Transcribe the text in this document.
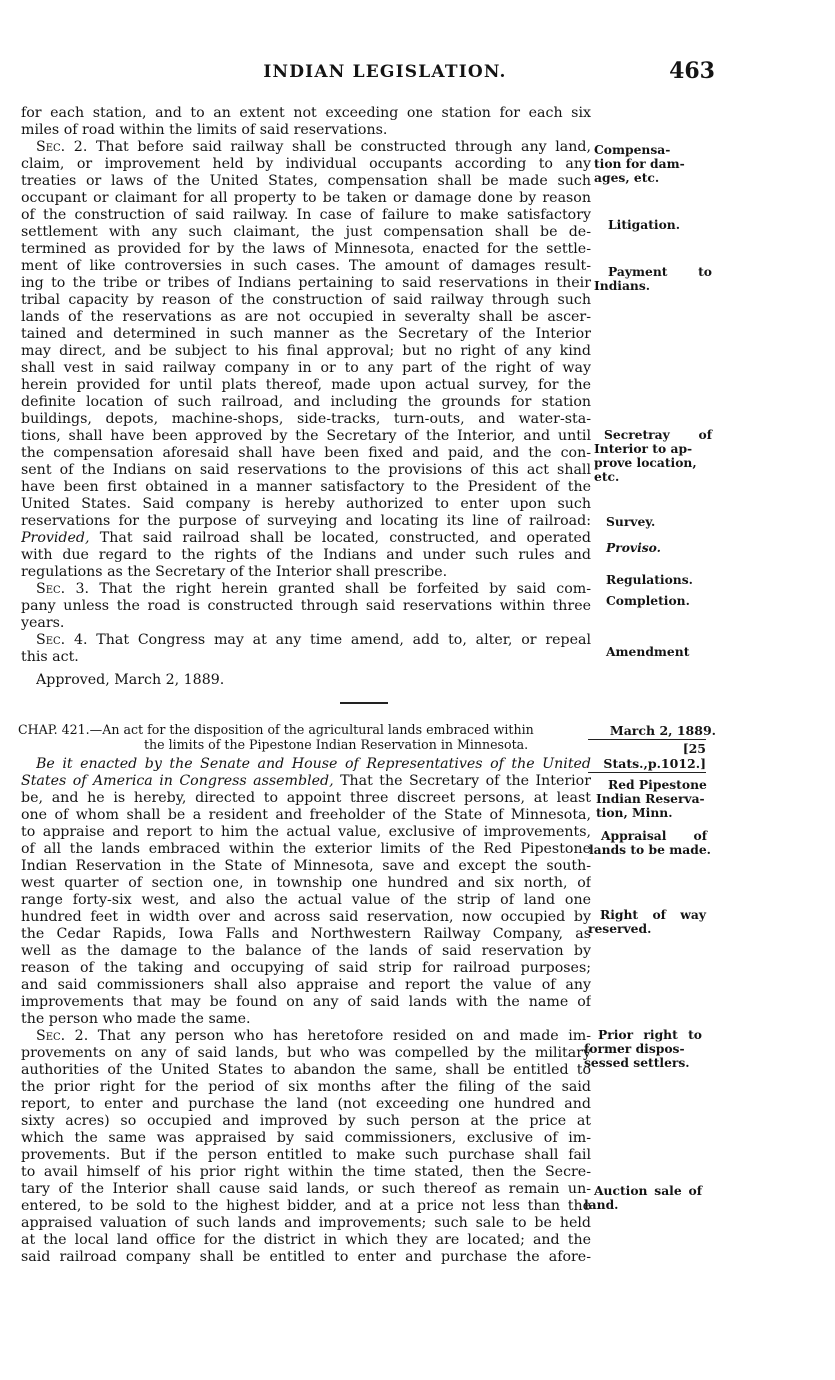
INDIAN LEGISLATION.	463
for each station, and to an extent not exceeding one station for each six
miles of road within the limits of said reservations.
Sec. 2. That before said railway shall be constructed through any land,
claim, or improvement held by individual occupants according to any
treaties or laws of the United States, compensation shall be made such
occupant or claimant for all property to be taken or damage done by reason
of the construction of said railway. In case of failure to make satisfactory
settlement with any such claimant, the just compensation shall be de-
termined as provided for by the laws of Minnesota, enacted for the settle-
ment of like controversies in such cases. The amount of damages result-
ing to the tribe or tribes of Indians pertaining to said reservations in their
tribal capacity by reason of the construction of said railway through such
lands of the reservations as are not occupied in severalty shall be ascer-
tained and determined in such manner as the Secretary of the Interior
may direct, and be subject to his final approval; but no right of any kind
shall vest in said railway company in or to any part of the right of way
herein provided for until plats thereof, made upon actual survey, for the
definite location of such railroad, and including the grounds for station
buildings, depots, machine-shops, side-tracks, turn-outs, and water-sta-
tions, shall have been approved by the Secretary of the Interior, and until
the compensation aforesaid shall have been fixed and paid, and the con-
sent of the Indians on said reservations to the provisions of this act shall
have been first obtained in a manner satisfactory to the President of the
United States. Said company is hereby authorized to enter upon such
reservations for the purpose of surveying and locating its line of railroad:
Provided, That said railroad shall be located, constructed, and operated
with due regard to the rights of the Indians and under such rules and
regulations as the Secretary of the Interior shall prescribe.
Sec. 3. That the right herein granted shall be forfeited by said com-
pany unless the road is constructed through said reservations within three
years.
Sec. 4. That Congress may at any time amend, add to, alter, or repeal
this act.
Approved, March 2, 1889.
CHAP. 421.—An act for the disposition of the agricultural lands embraced within
the limits of the Pipestone Indian Reservation in Minnesota.
March 2, 1889.
[25 Stats.,p.1012.]
Be it enacted by the Senate and House of Representatives of the United
States of America in Congress assembled, That the Secretary of the Interior
be, and he is hereby, directed to appoint three discreet persons, at least
one of whom shall be a resident and freeholder of the State of Minnesota,
to appraise and report to him the actual value, exclusive of improvements,
of all the lands embraced within the exterior limits of the Red Pipestone
Indian Reservation in the State of Minnesota, save and except the south-
west quarter of section one, in township one hundred and six north, of
range forty-six west, and also the actual value of the strip of land one
hundred feet in width over and across said reservation, now occupied by
the Cedar Rapids, Iowa Falls and Northwestern Railway Company, as
well as the damage to the balance of the lands of said reservation by
reason of the taking and occupying of said strip for railroad purposes;
and said commissioners shall also appraise and report the value of any
improvements that may be found on any of said lands with the name of
the person who made the same.
Sec. 2. That any person who has heretofore resided on and made im-
provements on any of said lands, but who was compelled by the military
authorities of the United States to abandon the same, shall be entitled to
the prior right for the period of six months after the filing of the said
report, to enter and purchase the land (not exceeding one hundred and
sixty acres) so occupied and improved by such person at the price at
which the same was appraised by said commissioners, exclusive of im-
provements. But if the person entitled to make such purchase shall fail
to avail himself of his prior right within the time stated, then the Secre-
tary of the Interior shall cause said lands, or such thereof as remain un-
entered, to be sold to the highest bidder, and at a price not less than the
appraised valuation of such lands and improvements; such sale to be held
at the local land office for the district in which they are located; and the
said railroad company shall be entitled to enter and purchase the afore-
Compensa-
tion for dam-
ages, etc.
Litigation.
Payment to
Indians.
Secretray of
Interior to ap-
prove location,
etc.
Survey.
Proviso.
Regulations.
Completion.
Amendment
Red Pipestone
Indian Reserva-
tion, Minn.
Appraisal of
lands to be made.
Right of way
reserved.
Prior right to
former dispos-
sessed settlers.
Auction sale of
land.
